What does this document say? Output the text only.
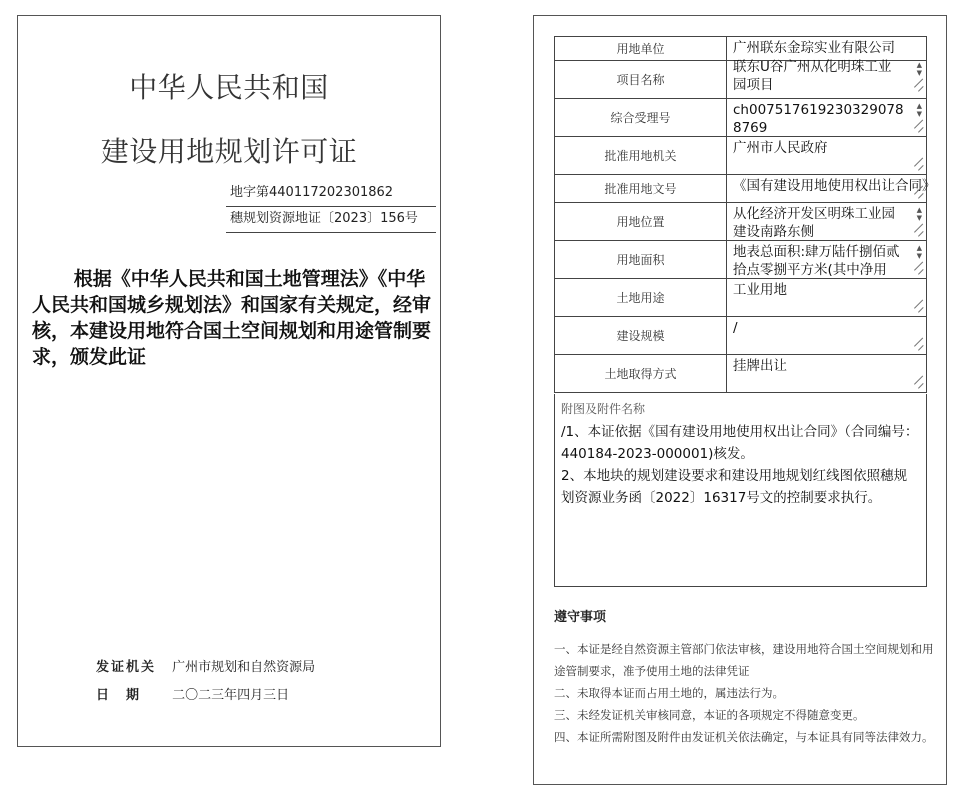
中华人民共和国
建设用地规划许可证
地字第440117202301862
穗规划资源地证〔2023〕156号
根据《中华人民共和国土地管理法》《中华人民共和国城乡规划法》和国家有关规定，经审核，本建设用地符合国土空间规划和用途管制要求，颁发此证
发证机关 广州市规划和自然资源局
日期 二〇二三年四月三日
用地单位	广州联东金琮实业有限公司

项目名称	联东U谷广州从化明珠工业园项目
▲
▼

综合受理号	ch0075176192303290788769
▲
▼

批准用地机关	广州市人民政府

批准用地文号	《国有建设用地使用权出让合同》

用地位置	从化经济开发区明珠工业园建设南路东侧
▲
▼

用地面积	地表总面积:肆万陆仟捌佰贰拾点零捌平方米(其中净用
▲
▼

土地用途	工业用地

建设规模	/

土地取得方式	挂牌出让
附图及附件名称
/1、本证依据《国有建设用地使用权出让合同》（合同编号：440184-2023-000001)核发。
2、本地块的规划建设要求和建设用地规划红线图依照穗规划资源业务函〔2022〕16317号文的控制要求执行。
遵守事项
一、本证是经自然资源主管部门依法审核，建设用地符合国土空间规划和用途管制要求，准予使用土地的法律凭证
二、未取得本证而占用土地的，属违法行为。
三、未经发证机关审核同意，本证的各项规定不得随意变更。
四、本证所需附图及附件由发证机关依法确定，与本证具有同等法律效力。
